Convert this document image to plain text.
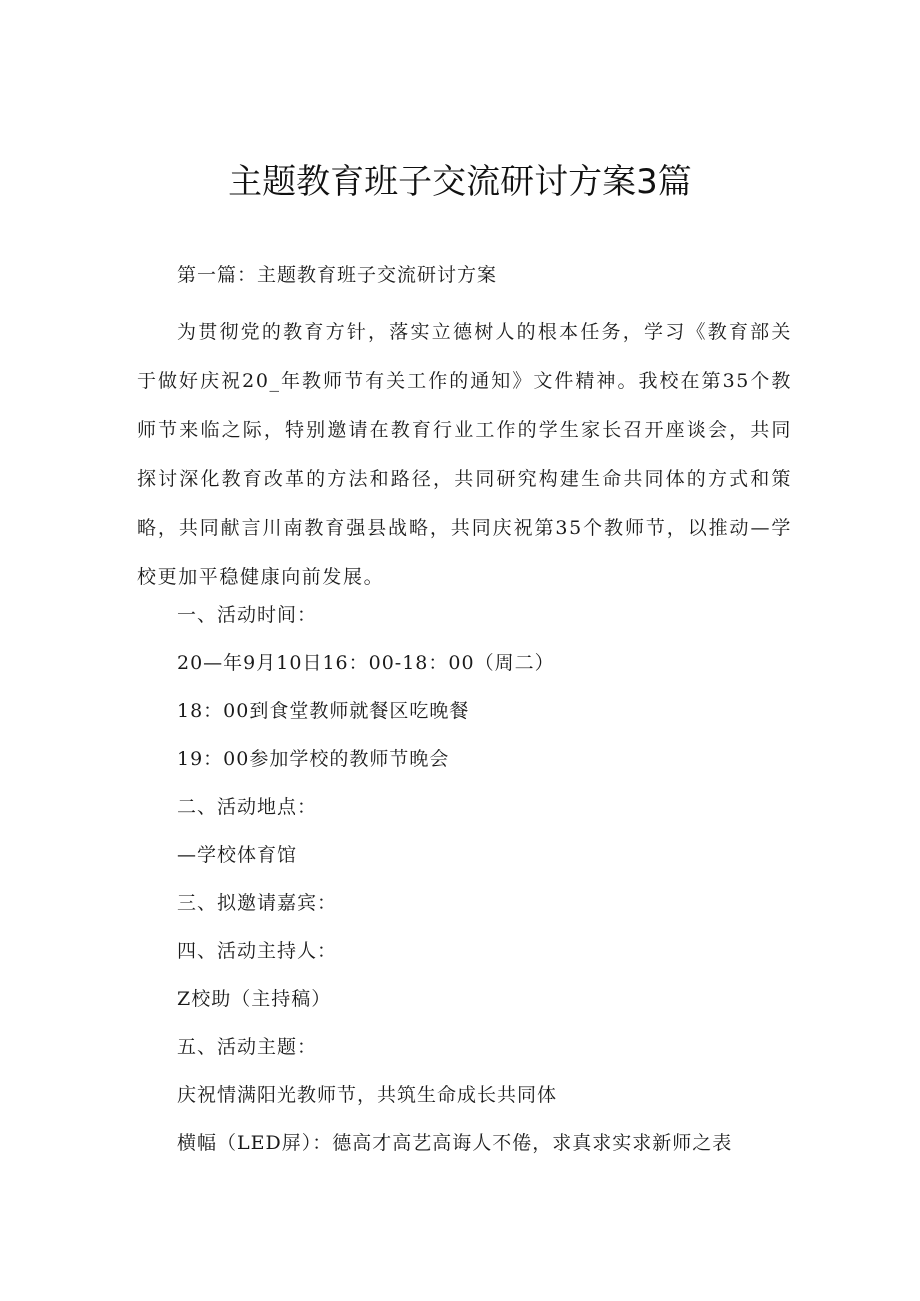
主题教育班子交流研讨方案3篇

第一篇：主题教育班子交流研讨方案

为贯彻党的教育方针，落实立德树人的根本任务，学习《教育部关于做好庆祝20_年教师节有关工作的通知》文件精神。我校在第35个教师节来临之际，特别邀请在教育行业工作的学生家长召开座谈会，共同探讨深化教育改革的方法和路径，共同研究构建生命共同体的方式和策略，共同献言川南教育强县战略，共同庆祝第35个教师节，以推动—学校更加平稳健康向前发展。

一、活动时间：

20—年9月10日16：00-18：00（周二）

18：00到食堂教师就餐区吃晚餐

19：00参加学校的教师节晚会

二、活动地点：

—学校体育馆

三、拟邀请嘉宾：

四、活动主持人：

Z校助（主持稿）

五、活动主题：

庆祝情满阳光教师节，共筑生命成长共同体

横幅（LED屏）：德高才高艺高诲人不倦，求真求实求新师之表
